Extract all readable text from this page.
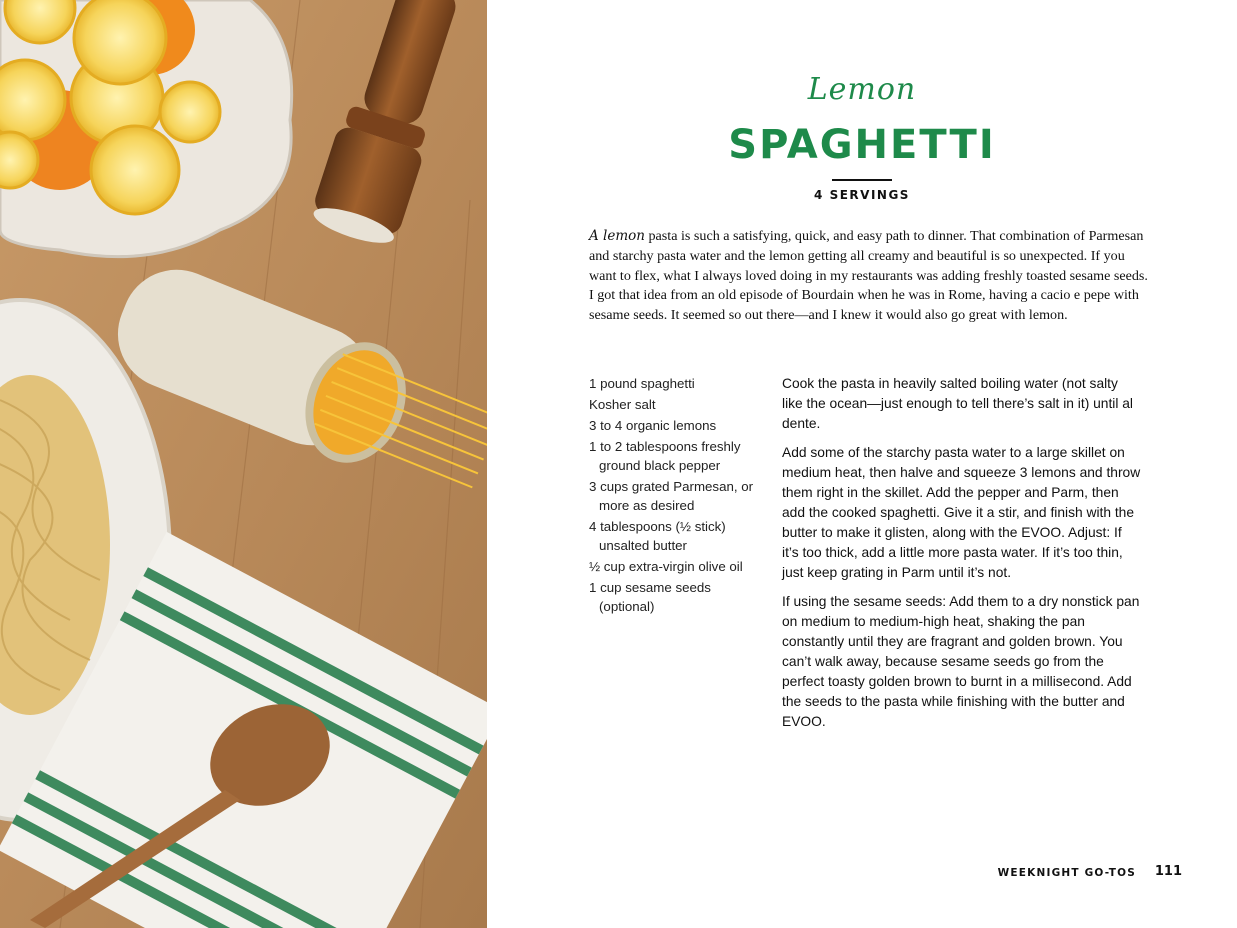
Lemon
SPAGHETTI
4 SERVINGS

A lemon pasta is such a satisfying, quick, and easy path to dinner. That combination of Parmesan and starchy pasta water and the lemon getting all creamy and beautiful is so unexpected. If you want to flex, what I always loved doing in my restaurants was adding freshly toasted sesame seeds. I got that idea from an old episode of Bourdain when he was in Rome, having a cacio e pepe with sesame seeds. It seemed so out there—and I knew it would also go great with lemon.

1 pound spaghetti
Kosher salt
3 to 4 organic lemons
1 to 2 tablespoons freshly ground black pepper
3 cups grated Parmesan, or more as desired
4 tablespoons (½ stick) unsalted butter
½ cup extra-virgin olive oil
1 cup sesame seeds (optional)

Cook the pasta in heavily salted boiling water (not salty like the ocean—just enough to tell there’s salt in it) until al dente.

Add some of the starchy pasta water to a large skillet on medium heat, then halve and squeeze 3 lemons and throw them right in the skillet. Add the pepper and Parm, then add the cooked spaghetti. Give it a stir, and finish with the butter to make it glisten, along with the EVOO. Adjust: If it’s too thick, add a little more pasta water. If it’s too thin, just keep grating in Parm until it’s not.

If using the sesame seeds: Add them to a dry nonstick pan on medium to medium-high heat, shaking the pan constantly until they are fragrant and golden brown. You can’t walk away, because sesame seeds go from the perfect toasty golden brown to burnt in a millisecond. Add the seeds to the pasta while finishing with the butter and EVOO.

WEEKNIGHT GO-TOS 111
